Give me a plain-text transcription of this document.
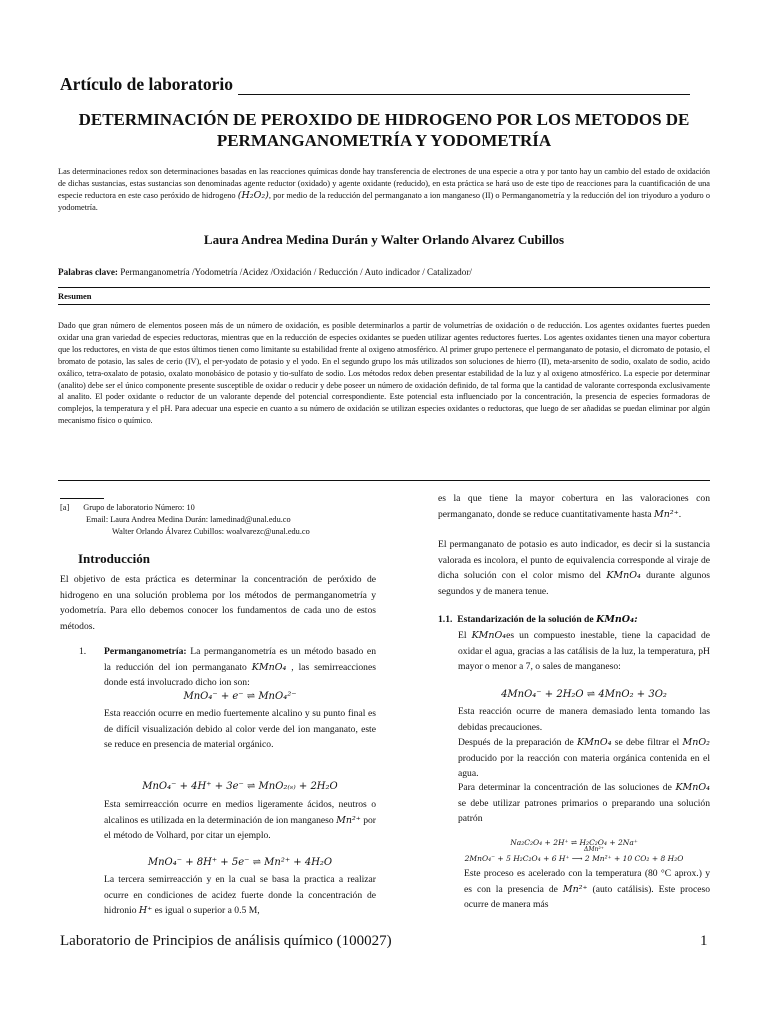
Artículo de laboratorio
DETERMINACIÓN DE PEROXIDO DE HIDROGENO POR LOS METODOS DE PERMANGANOMETRÍA Y YODOMETRÍA
Las determinaciones redox son determinaciones basadas en las reacciones químicas donde hay transferencia de electrones de una especie a otra y por tanto hay un cambio del estado de oxidación de dichas sustancias, estas sustancias son denominadas agente reductor (oxidado) y agente oxidante (reducido), en esta práctica se hará uso de este tipo de reacciones para la cuantificación de una especie reductora en este caso peróxido de hidrogeno (H₂O₂), por medio de la reducción del permanganato a ion manganeso (II) o Permanganometría y la reducción del ion triyoduro a yoduro o yodometría.
Laura Andrea Medina Durán y Walter Orlando Alvarez Cubillos
Palabras clave: Permanganometría /Yodometría /Acidez /Oxidación / Reducción / Auto indicador / Catalizador/
Resumen
Dado que gran número de elementos poseen más de un número de oxidación, es posible determinarlos a partir de volumetrías de oxidación o de reducción. Los agentes oxidantes fuertes pueden oxidar una gran variedad de especies reductoras, mientras que en la reducción de especies oxidantes se pueden utilizar agentes reductores fuertes. Los agentes oxidantes tienen una mayor cobertura que los reductores, en vista de que estos últimos tienen como limitante su estabilidad frente al oxigeno atmosférico. Al primer grupo pertenece el permanganato de potasio, el dicromato de potasio, el bromato de potasio, las sales de cerio (IV), el per-yodato de potasio y el yodo. En el segundo grupo los más utilizados son soluciones de hierro (II), meta-arsenito de sodio, oxalato de sodio, acido oxálico, tetra-oxalato de potasio, oxalato monobásico de potasio y tio-sulfato de sodio. Los métodos redox deben presentar estabilidad de la luz y al oxigeno atmosférico. La especie por determinar (analito) debe ser el único componente presente susceptible de oxidar o reducir y debe poseer un número de oxidación definido, de tal forma que la cantidad de valorante corresponda exclusivamente al analito. El poder oxidante o reductor de un valorante depende del potencial correspondiente. Este potencial esta influenciado por la concentración, la presencia de especies formadoras de complejos, la temperatura y el pH. Para adecuar una especie en cuanto a su número de oxidación se utilizan especies oxidantes o reductoras, que luego de ser añadidas se puedan eliminar por algún mecanismo físico o químico.
[a] Grupo de laboratorio Número: 10
Email: Laura Andrea Medina Durán: lamedinad@unal.edu.co
Walter Orlando Álvarez Cubillos: woalvarezc@unal.edu.co
Introducción
El objetivo de esta práctica es determinar la concentración de peróxido de hidrogeno en una solución problema por los métodos de permanganometría y yodometría. Para ello debemos conocer los fundamentos de cada uno de estos métodos.
1.	Permanganometría: La permanganometría es un método basado en la reducción del ion permanganato KMnO₄ , las semirreacciones donde está involucrado dicho ion son:
MnO₄⁻ + e⁻ ⇌ MnO₄²⁻
Esta reacción ocurre en medio fuertemente alcalino y su punto final es de difícil visualización debido al color verde del ion manganato, este se reduce en presencia de material orgánico.
MnO₄⁻ + 4H⁺ + 3e⁻ ⇌ MnO₂₍ₛ₎ + 2H₂O
Esta semirreacción ocurre en medios ligeramente ácidos, neutros o alcalinos es utilizada en la determinación de ion manganeso Mn²⁺ por el método de Volhard, por citar un ejemplo.
MnO₄⁻ + 8H⁺ + 5e⁻ ⇌ Mn²⁺ + 4H₂O
La tercera semirreacción y en la cual se basa la practica a realizar ocurre en condiciones de acidez fuerte donde la concentración de hidronio H⁺ es igual o superior a 0.5 M,
es la que tiene la mayor cobertura en las valoraciones con permanganato, donde se reduce cuantitativamente hasta Mn²⁺.
El permanganato de potasio es auto indicador, es decir si la sustancia valorada es incolora, el punto de equivalencia corresponde al viraje de dicha solución con el color mismo del KMnO₄ durante algunos segundos y de manera tenue.
1.1. Estandarización de la solución de KMnO₄:
El KMnO₄es un compuesto inestable, tiene la capacidad de oxidar el agua, gracias a las catálisis de la luz, la temperatura, pH mayor o menor a 7, o sales de manganeso:
4MnO₄⁻ + 2H₂O ⇌ 4MnO₂ + 3O₂
Esta reacción ocurre de manera demasiado lenta tomando las debidas precauciones.
Después de la preparación de KMnO₄ se debe filtrar el MnO₂ producido por la reacción con materia orgánica contenida en el agua.
Para determinar la concentración de las soluciones de KMnO₄ se debe utilizar patrones primarios o preparando una solución patrón
Na₂C₂O₄ + 2H⁺ ⇌ H₂C₂O₄ + 2Na⁺
ΔMn²⁺
2MnO₄⁻ + 5 H₂C₂O₄ + 6 H⁺ ⟶ 2 Mn²⁺ + 10 CO₂ + 8 H₂O
Este proceso es acelerado con la temperatura (80 °C aprox.) y es con la presencia de Mn²⁺ (auto catálisis). Este proceso ocurre de manera más
Laboratorio de Principios de análisis químico (100027)	1
